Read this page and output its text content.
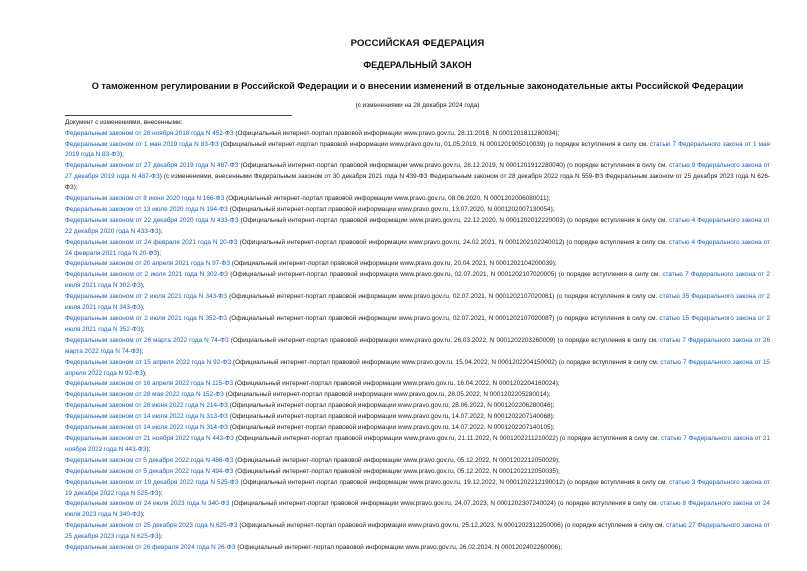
РОССИЙСКАЯ ФЕДЕРАЦИЯ
ФЕДЕРАЛЬНЫЙ ЗАКОН
О таможенном регулировании в Российской Федерации и о внесении изменений в отдельные законодательные акты Российской Федерации
(с изменениями на 28 декабря 2024 года)
Документ с изменениями, внесенными:
Федеральным законом от 28 ноября 2018 года N 452-ФЗ (Официальный интернет-портал правовой информации www.pravo.gov.ru, 28.11.2018, N 0001201811280034);
Федеральным законом от 1 мая 2019 года N 83-ФЗ (Официальный интернет-портал правовой информации www.pravo.gov.ru, 01.05.2019, N 0001201905010039) (о порядке вступления в силу см. статью 7 Федерального закона от 1 мая 2019 года N 83-ФЗ);
Федеральным законом от 27 декабря 2019 года N 487-ФЗ (Официальный интернет-портал правовой информации www.pravo.gov.ru, 28.12.2019, N 0001201912280040) (о порядке вступления в силу см. статью 9 Федерального закона от 27 декабря 2019 года N 487-ФЗ) (с изменениями, внесенными Федеральным законом от 30 декабря 2021 года N 439-ФЗ Федеральным законом от 28 декабря 2022 года N 559-ФЗ Федеральным законом от 25 декабря 2023 года N 626-ФЗ);
Федеральным законом от 8 июня 2020 года N 166-ФЗ (Официальный интернет-портал правовой информации www.pravo.gov.ru, 08.06.2020, N 0001202006080011);
Федеральным законом от 13 июля 2020 года N 194-ФЗ (Официальный интернет-портал правовой информации www.pravo.gov.ru, 13.07.2020, N 0001202007130054);
Федеральным законом от 22 декабря 2020 года N 433-ФЗ (Официальный интернет-портал правовой информации www.pravo.gov.ru, 22.12.2020, N 0001202012220003) (о порядке вступления в силу см. статью 4 Федерального закона от 22 декабря 2020 года N 433-ФЗ);
Федеральным законом от 24 февраля 2021 года N 20-ФЗ (Официальный интернет-портал правовой информации www.pravo.gov.ru, 24.02.2021, N 0001202102240012) (о порядке вступления в силу см. статью 4 Федерального закона от 24 февраля 2021 года N 20-ФЗ);
Федеральным законом от 20 апреля 2021 года N 97-ФЗ (Официальный интернет-портал правовой информации www.pravo.gov.ru, 20.04.2021, N 0001202104200039);
Федеральным законом от 2 июля 2021 года N 302-ФЗ (Официальный интернет-портал правовой информации www.pravo.gov.ru, 02.07.2021, N 0001202107020005) (о порядке вступления в силу см. статью 7 Федерального закона от 2 июля 2021 года N 302-ФЗ);
Федеральным законом от 2 июля 2021 года N 343-ФЗ (Официальный интернет-портал правовой информации www.pravo.gov.ru, 02.07.2021, N 0001202107020061) (о порядке вступления в силу см. статью 35 Федерального закона от 2 июля 2021 года N 343-ФЗ);
Федеральным законом от 2 июля 2021 года N 352-ФЗ (Официальный интернет-портал правовой информации www.pravo.gov.ru, 02.07.2021, N 0001202107020087) (о порядке вступления в силу см. статью 15 Федерального закона от 2 июля 2021 года N 352-ФЗ);
Федеральным законом от 26 марта 2022 года N 74-ФЗ (Официальный интернет-портал правовой информации www.pravo.gov.ru, 26.03.2022, N 0001202203260009) (о порядке вступления в силу см. статью 7 Федерального закона от 26 марта 2022 года N 74-ФЗ);
Федеральным законом от 15 апреля 2022 года N 92-ФЗ (Официальный интернет-портал правовой информации www.pravo.gov.ru, 15.04.2022, N 0001202204150002) (о порядке вступления в силу см. статью 7 Федерального закона от 15 апреля 2022 года N 92-ФЗ);
Федеральным законом от 16 апреля 2022 года N 115-ФЗ (Официальный интернет-портал правовой информации www.pravo.gov.ru, 16.04.2022, N 0001202204160024);
Федеральным законом от 28 мая 2022 года N 152-ФЗ (Официальный интернет-портал правовой информации www.pravo.gov.ru, 28.05.2022, N 0001202205280014);
Федеральным законом от 28 июня 2022 года N 214-ФЗ (Официальный интернет-портал правовой информации www.pravo.gov.ru, 28.06.2022, N 0001202206280046);
Федеральным законом от 14 июля 2022 года N 313-ФЗ (Официальный интернет-портал правовой информации www.pravo.gov.ru, 14.07.2022, N 0001202207140068);
Федеральным законом от 14 июля 2022 года N 314-ФЗ (Официальный интернет-портал правовой информации www.pravo.gov.ru, 14.07.2022, N 0001202207140105);
Федеральным законом от 21 ноября 2022 года N 443-ФЗ (Официальный интернет-портал правовой информации www.pravo.gov.ru, 21.11.2022, N 0001202211210022) (о порядке вступления в силу см. статью 7 Федерального закона от 21 ноября 2022 года N 443-ФЗ);
Федеральным законом от 5 декабря 2022 года N 486-ФЗ (Официальный интернет-портал правовой информации www.pravo.gov.ru, 05.12.2022, N 0001202212050029);
Федеральным законом от 5 декабря 2022 года N 494-ФЗ (Официальный интернет-портал правовой информации www.pravo.gov.ru, 05.12.2022, N 0001202212050035);
Федеральным законом от 19 декабря 2022 года N 525-ФЗ (Официальный интернет-портал правовой информации www.pravo.gov.ru, 19.12.2022, N 0001202212190012) (о порядке вступления в силу см. статью 3 Федерального закона от 19 декабря 2022 года N 525-ФЗ);
Федеральным законом от 24 июля 2023 года N 340-ФЗ (Официальный интернет-портал правовой информации www.pravo.gov.ru, 24.07.2023, N 0001202307240024) (о порядке вступления в силу см. статью 8 Федерального закона от 24 июля 2023 года N 340-ФЗ);
Федеральным законом от 25 декабря 2023 года N 625-ФЗ (Официальный интернет-портал правовой информации www.pravo.gov.ru, 25.12.2023, N 0001202312250006) (о порядке вступления в силу см. статью 27 Федерального закона от 25 декабря 2023 года N 625-ФЗ);
Федеральным законом от 26 февраля 2024 года N 26-ФЗ (Официальный интернет-портал правовой информации www.pravo.gov.ru, 26.02.2024, N 0001202402260006);
